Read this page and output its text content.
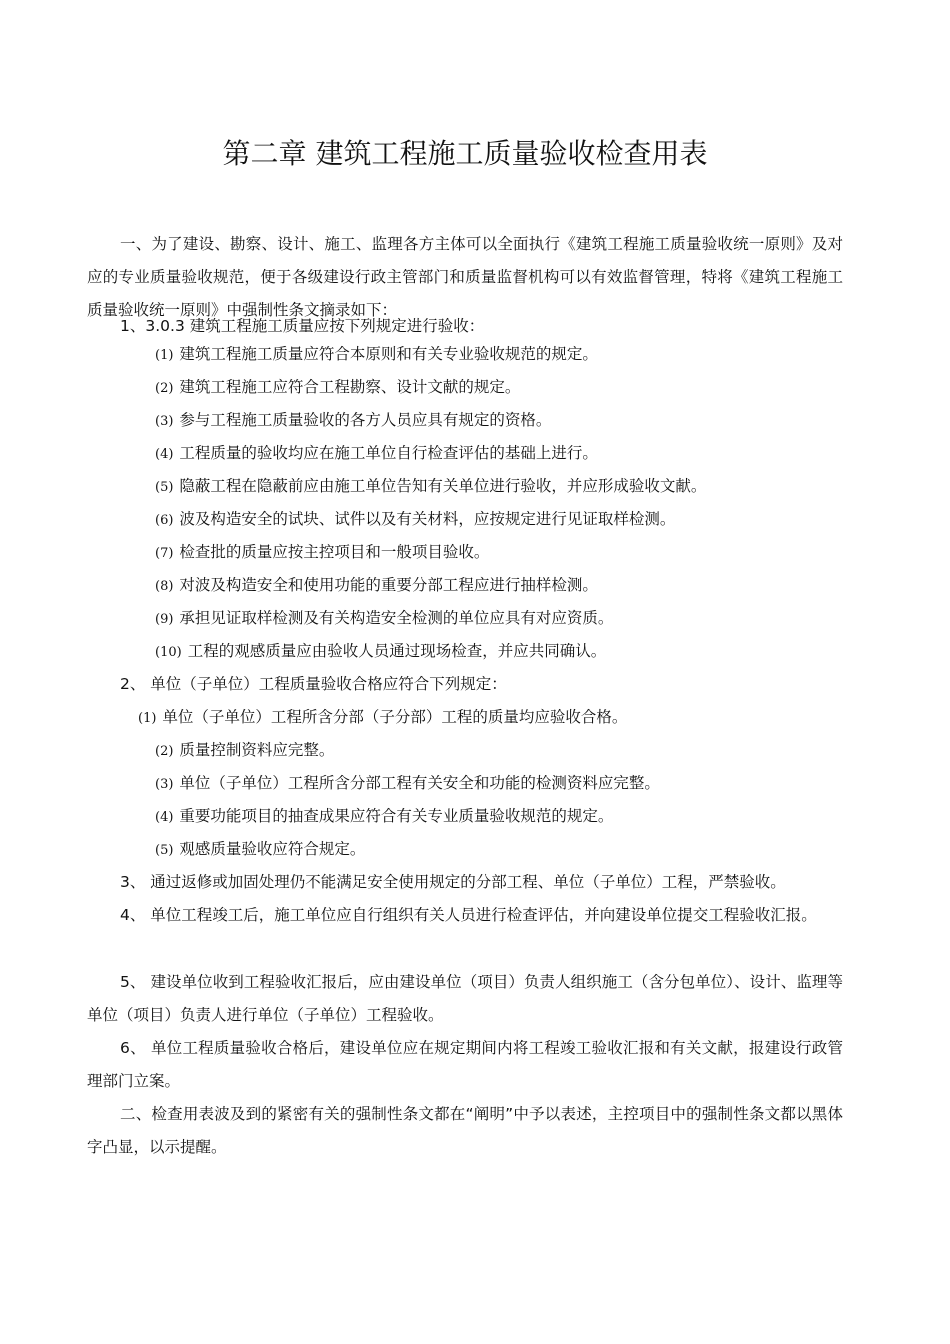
第二章 建筑工程施工质量验收检查用表
一、为了建设、勘察、设计、施工、监理各方主体可以全面执行《建筑工程施工质量验收统一原则》及对应的专业质量验收规范，便于各级建设行政主管部门和质量监督机构可以有效监督管理，特将《建筑工程施工质量验收统一原则》中强制性条文摘录如下：
1、3.0.3 建筑工程施工质量应按下列规定进行验收：
(1) 建筑工程施工质量应符合本原则和有关专业验收规范的规定。
(2) 建筑工程施工应符合工程勘察、设计文献的规定。
(3) 参与工程施工质量验收的各方人员应具有规定的资格。
(4) 工程质量的验收均应在施工单位自行检查评估的基础上进行。
(5) 隐蔽工程在隐蔽前应由施工单位告知有关单位进行验收，并应形成验收文献。
(6) 波及构造安全的试块、试件以及有关材料，应按规定进行见证取样检测。
(7) 检查批的质量应按主控项目和一般项目验收。
(8) 对波及构造安全和使用功能的重要分部工程应进行抽样检测。
(9) 承担见证取样检测及有关构造安全检测的单位应具有对应资质。
(10) 工程的观感质量应由验收人员通过现场检查，并应共同确认。
2、 单位（子单位）工程质量验收合格应符合下列规定：
(1) 单位（子单位）工程所含分部（子分部）工程的质量均应验收合格。
(2) 质量控制资料应完整。
(3) 单位（子单位）工程所含分部工程有关安全和功能的检测资料应完整。
(4) 重要功能项目的抽查成果应符合有关专业质量验收规范的规定。
(5) 观感质量验收应符合规定。
3、 通过返修或加固处理仍不能满足安全使用规定的分部工程、单位（子单位）工程，严禁验收。
4、 单位工程竣工后，施工单位应自行组织有关人员进行检查评估，并向建设单位提交工程验收汇报。
5、 建设单位收到工程验收汇报后，应由建设单位（项目）负责人组织施工（含分包单位）、设计、监理等单位（项目）负责人进行单位（子单位）工程验收。
6、 单位工程质量验收合格后，建设单位应在规定期间内将工程竣工验收汇报和有关文献，报建设行政管理部门立案。
二、检查用表波及到的紧密有关的强制性条文都在“阐明”中予以表述，主控项目中的强制性条文都以黑体字凸显，以示提醒。
